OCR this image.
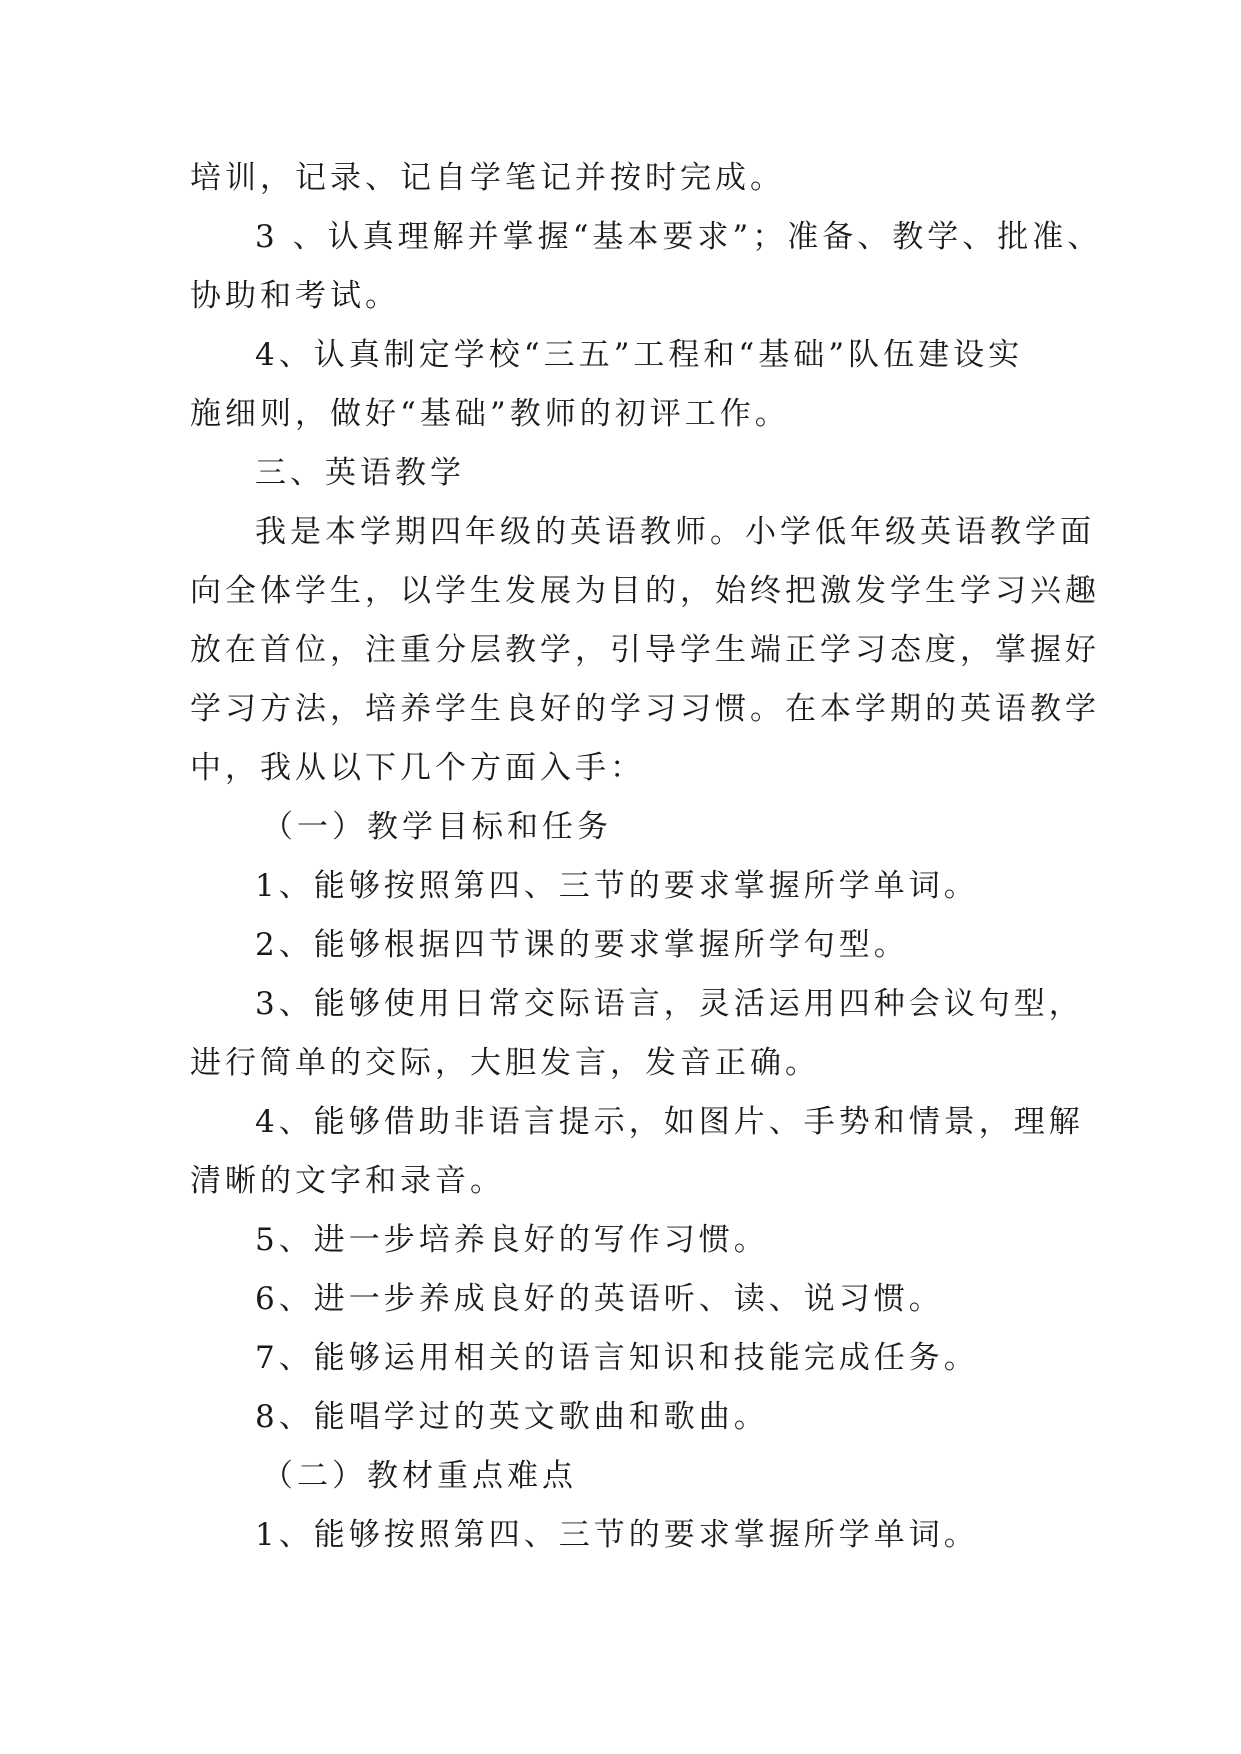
培训，记录、记自学笔记并按时完成。
3 、认真理解并掌握“基本要求”；准备、教学、批准、
协助和考试。
4、认真制定学校“三五”工程和“基础”队伍建设实
施细则，做好“基础”教师的初评工作。
三、英语教学
我是本学期四年级的英语教师。小学低年级英语教学面
向全体学生，以学生发展为目的，始终把激发学生学习兴趣
放在首位，注重分层教学，引导学生端正学习态度，掌握好
学习方法，培养学生良好的学习习惯。在本学期的英语教学
中，我从以下几个方面入手：
（一）教学目标和任务
1、能够按照第四、三节的要求掌握所学单词。
2、能够根据四节课的要求掌握所学句型。
3、能够使用日常交际语言，灵活运用四种会议句型，
进行简单的交际，大胆发言，发音正确。
4、能够借助非语言提示，如图片、手势和情景，理解
清晰的文字和录音。
5、进一步培养良好的写作习惯。
6、进一步养成良好的英语听、读、说习惯。
7、能够运用相关的语言知识和技能完成任务。
8、能唱学过的英文歌曲和歌曲。
（二）教材重点难点
1、能够按照第四、三节的要求掌握所学单词。
